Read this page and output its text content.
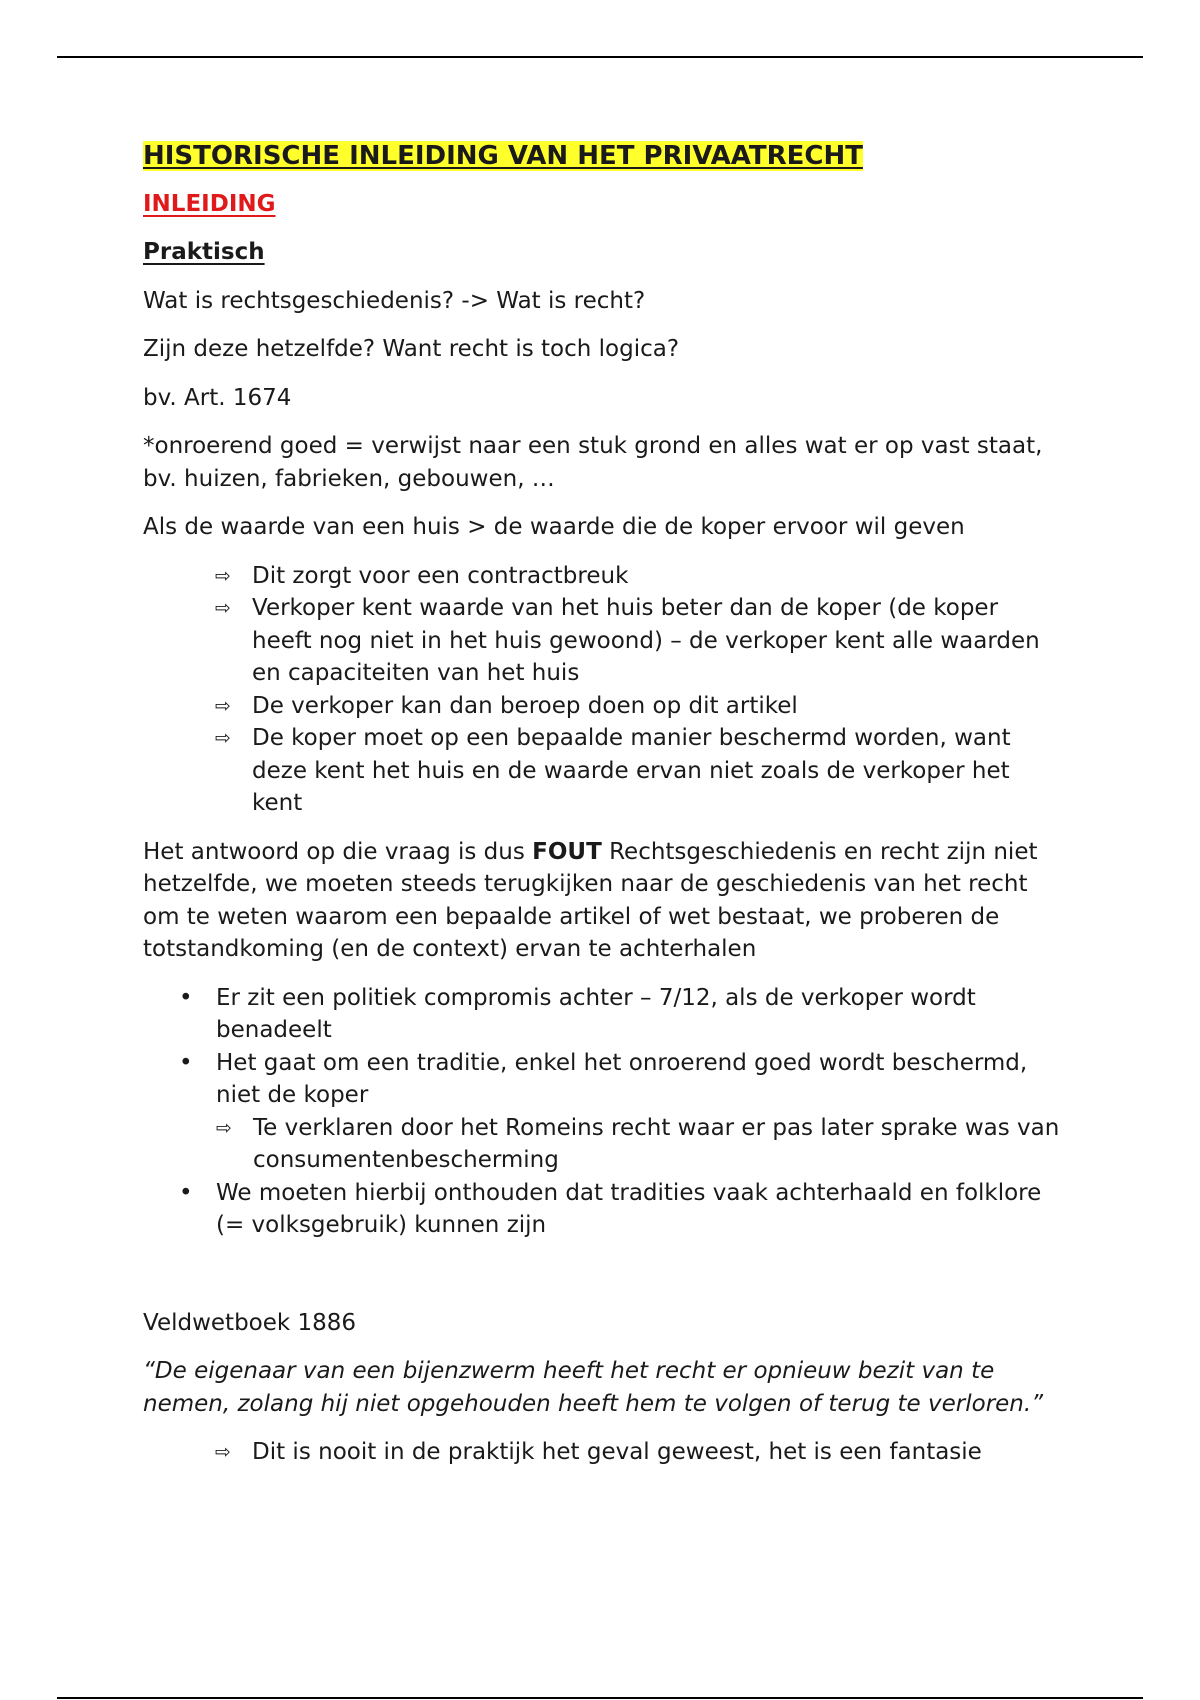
HISTORISCHE INLEIDING VAN HET PRIVAATRECHT

INLEIDING

Praktisch

Wat is rechtsgeschiedenis? -> Wat is recht?

Zijn deze hetzelfde? Want recht is toch logica?

bv. Art. 1674

*onroerend goed = verwijst naar een stuk grond en alles wat er op vast staat, bv. huizen, fabrieken, gebouwen, …

Als de waarde van een huis > de waarde die de koper ervoor wil geven

⇨ Dit zorgt voor een contractbreuk
⇨ Verkoper kent waarde van het huis beter dan de koper (de koper heeft nog niet in het huis gewoond) – de verkoper kent alle waarden en capaciteiten van het huis
⇨ De verkoper kan dan beroep doen op dit artikel
⇨ De koper moet op een bepaalde manier beschermd worden, want deze kent het huis en de waarde ervan niet zoals de verkoper het kent

Het antwoord op die vraag is dus FOUT Rechtsgeschiedenis en recht zijn niet hetzelfde, we moeten steeds terugkijken naar de geschiedenis van het recht om te weten waarom een bepaalde artikel of wet bestaat, we proberen de totstandkoming (en de context) ervan te achterhalen

• Er zit een politiek compromis achter – 7/12, als de verkoper wordt benadeelt
• Het gaat om een traditie, enkel het onroerend goed wordt beschermd, niet de koper
⇨ Te verklaren door het Romeins recht waar er pas later sprake was van consumentenbescherming
• We moeten hierbij onthouden dat tradities vaak achterhaald en folklore (= volksgebruik) kunnen zijn

Veldwetboek 1886

“De eigenaar van een bijenzwerm heeft het recht er opnieuw bezit van te nemen, zolang hij niet opgehouden heeft hem te volgen of terug te verloren.”

⇨ Dit is nooit in de praktijk het geval geweest, het is een fantasie
